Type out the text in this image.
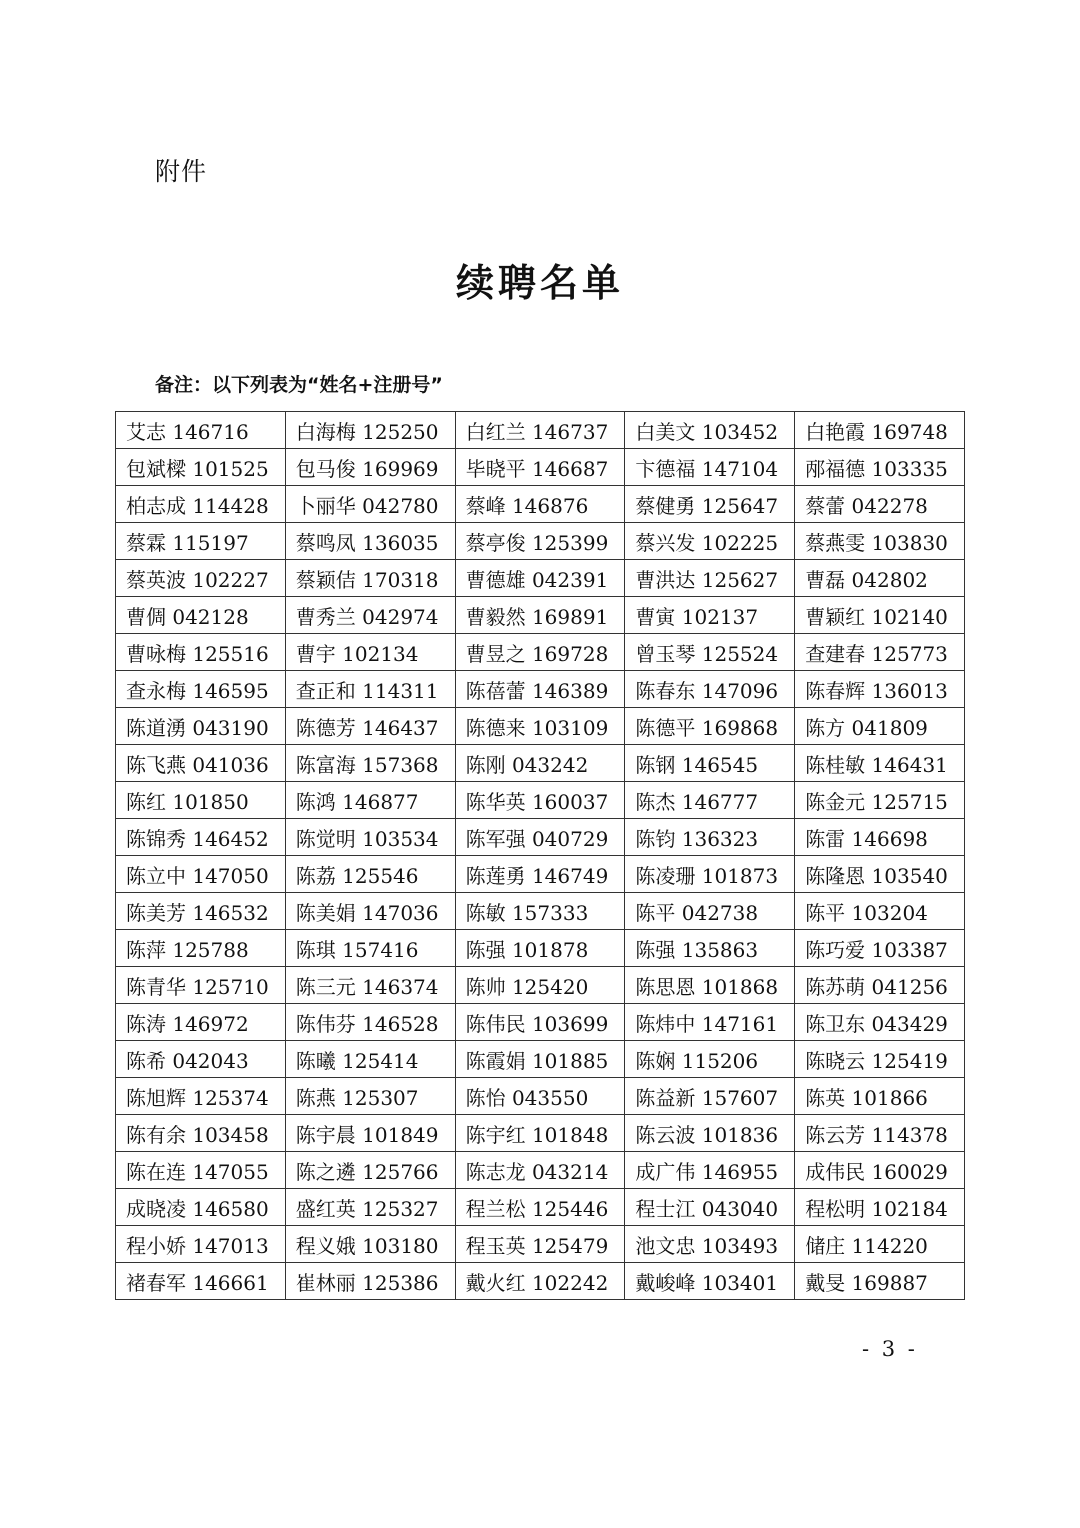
附件
续聘名单
备注：以下列表为“姓名+注册号”
艾志 146716	白海梅 125250	白红兰 146737	白美文 103452	白艳霞 169748
包斌樑 101525	包马俊 169969	毕晓平 146687	卞德福 147104	邴福德 103335
柏志成 114428	卜丽华 042780	蔡峰 146876	蔡健勇 125647	蔡蕾 042278
蔡霖 115197	蔡鸣凤 136035	蔡亭俊 125399	蔡兴发 102225	蔡燕雯 103830
蔡英波 102227	蔡颖佶 170318	曹德雄 042391	曹洪达 125627	曹磊 042802
曹倜 042128	曹秀兰 042974	曹毅然 169891	曹寅 102137	曹颖红 102140
曹咏梅 125516	曹宇 102134	曹昱之 169728	曾玉琴 125524	查建春 125773
查永梅 146595	查正和 114311	陈蓓蕾 146389	陈春东 147096	陈春辉 136013
陈道湧 043190	陈德芳 146437	陈德来 103109	陈德平 169868	陈方 041809
陈飞燕 041036	陈富海 157368	陈刚 043242	陈钢 146545	陈桂敏 146431
陈红 101850	陈鸿 146877	陈华英 160037	陈杰 146777	陈金元 125715
陈锦秀 146452	陈觉明 103534	陈军强 040729	陈钧 136323	陈雷 146698
陈立中 147050	陈荔 125546	陈莲勇 146749	陈凌珊 101873	陈隆恩 103540
陈美芳 146532	陈美娟 147036	陈敏 157333	陈平 042738	陈平 103204
陈萍 125788	陈琪 157416	陈强 101878	陈强 135863	陈巧爱 103387
陈青华 125710	陈三元 146374	陈帅 125420	陈思恩 101868	陈苏萌 041256
陈涛 146972	陈伟芬 146528	陈伟民 103699	陈炜中 147161	陈卫东 043429
陈希 042043	陈曦 125414	陈霞娟 101885	陈娴 115206	陈晓云 125419
陈旭辉 125374	陈燕 125307	陈怡 043550	陈益新 157607	陈英 101866
陈有余 103458	陈宇晨 101849	陈宇红 101848	陈云波 101836	陈云芳 114378
陈在连 147055	陈之遴 125766	陈志龙 043214	成广伟 146955	成伟民 160029
成晓凌 146580	盛红英 125327	程兰松 125446	程士江 043040	程松明 102184
程小娇 147013	程义娥 103180	程玉英 125479	池文忠 103493	储庄 114220
褚春军 146661	崔林丽 125386	戴火红 102242	戴峻峰 103401	戴旻 169887
- 3 -
